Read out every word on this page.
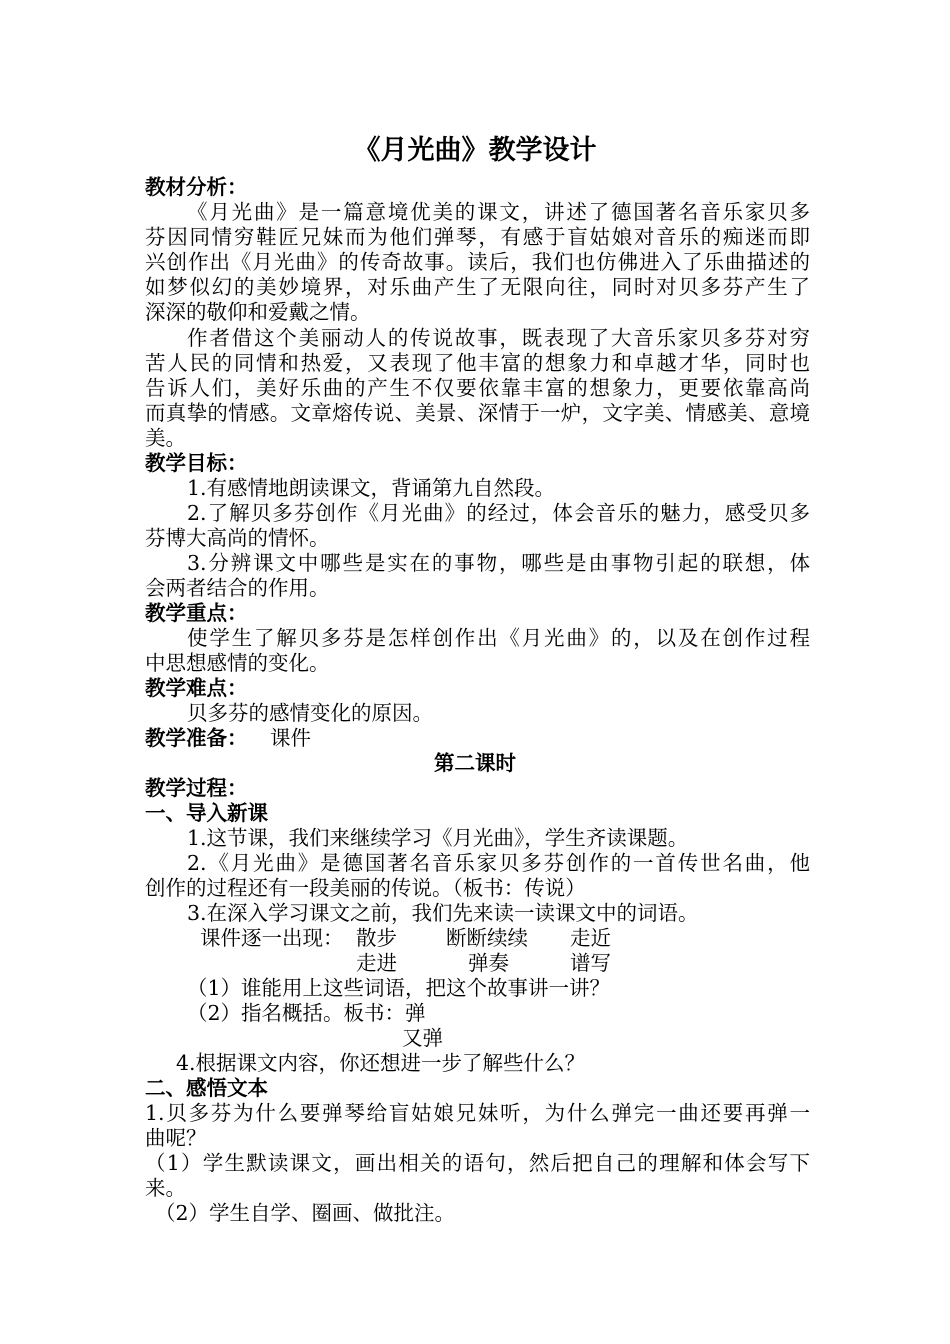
《月光曲》教学设计
教材分析：
《月光曲》是一篇意境优美的课文，讲述了德国著名音乐家贝多
芬因同情穷鞋匠兄妹而为他们弹琴，有感于盲姑娘对音乐的痴迷而即
兴创作出《月光曲》的传奇故事。读后，我们也仿佛进入了乐曲描述的
如梦似幻的美妙境界，对乐曲产生了无限向往，同时对贝多芬产生了
深深的敬仰和爱戴之情。
作者借这个美丽动人的传说故事，既表现了大音乐家贝多芬对穷
苦人民的同情和热爱，又表现了他丰富的想象力和卓越才华，同时也
告诉人们，美好乐曲的产生不仅要依靠丰富的想象力，更要依靠高尚
而真挚的情感。文章熔传说、美景、深情于一炉，文字美、情感美、意境
美。
教学目标：
1.有感情地朗读课文，背诵第九自然段。
2.了解贝多芬创作《月光曲》的经过，体会音乐的魅力，感受贝多
芬博大高尚的情怀。
3.分辨课文中哪些是实在的事物，哪些是由事物引起的联想，体
会两者结合的作用。
教学重点：
使学生了解贝多芬是怎样创作出《月光曲》的，以及在创作过程
中思想感情的变化。
教学难点：
贝多芬的感情变化的原因。
教学准备：	课件
第二课时
教学过程：
一、导入新课
1.这节课，我们来继续学习《月光曲》，学生齐读课题。
2.《月光曲》是德国著名音乐家贝多芬创作的一首传世名曲，他
创作的过程还有一段美丽的传说。（板书：传说）
3.在深入学习课文之前，我们先来读一读课文中的词语。
课件逐一出现： 散步 断断续续 走近
走进	弹奏	谱写
（1）谁能用上这些词语，把这个故事讲一讲？
（2）指名概括。板书：弹
又弹
4.根据课文内容，你还想进一步了解些什么？
二、感悟文本
1.贝多芬为什么要弹琴给盲姑娘兄妹听，为什么弹完一曲还要再弹一
曲呢？
（1）学生默读课文，画出相关的语句，然后把自己的理解和体会写下
来。
（2）学生自学、圈画、做批注。
